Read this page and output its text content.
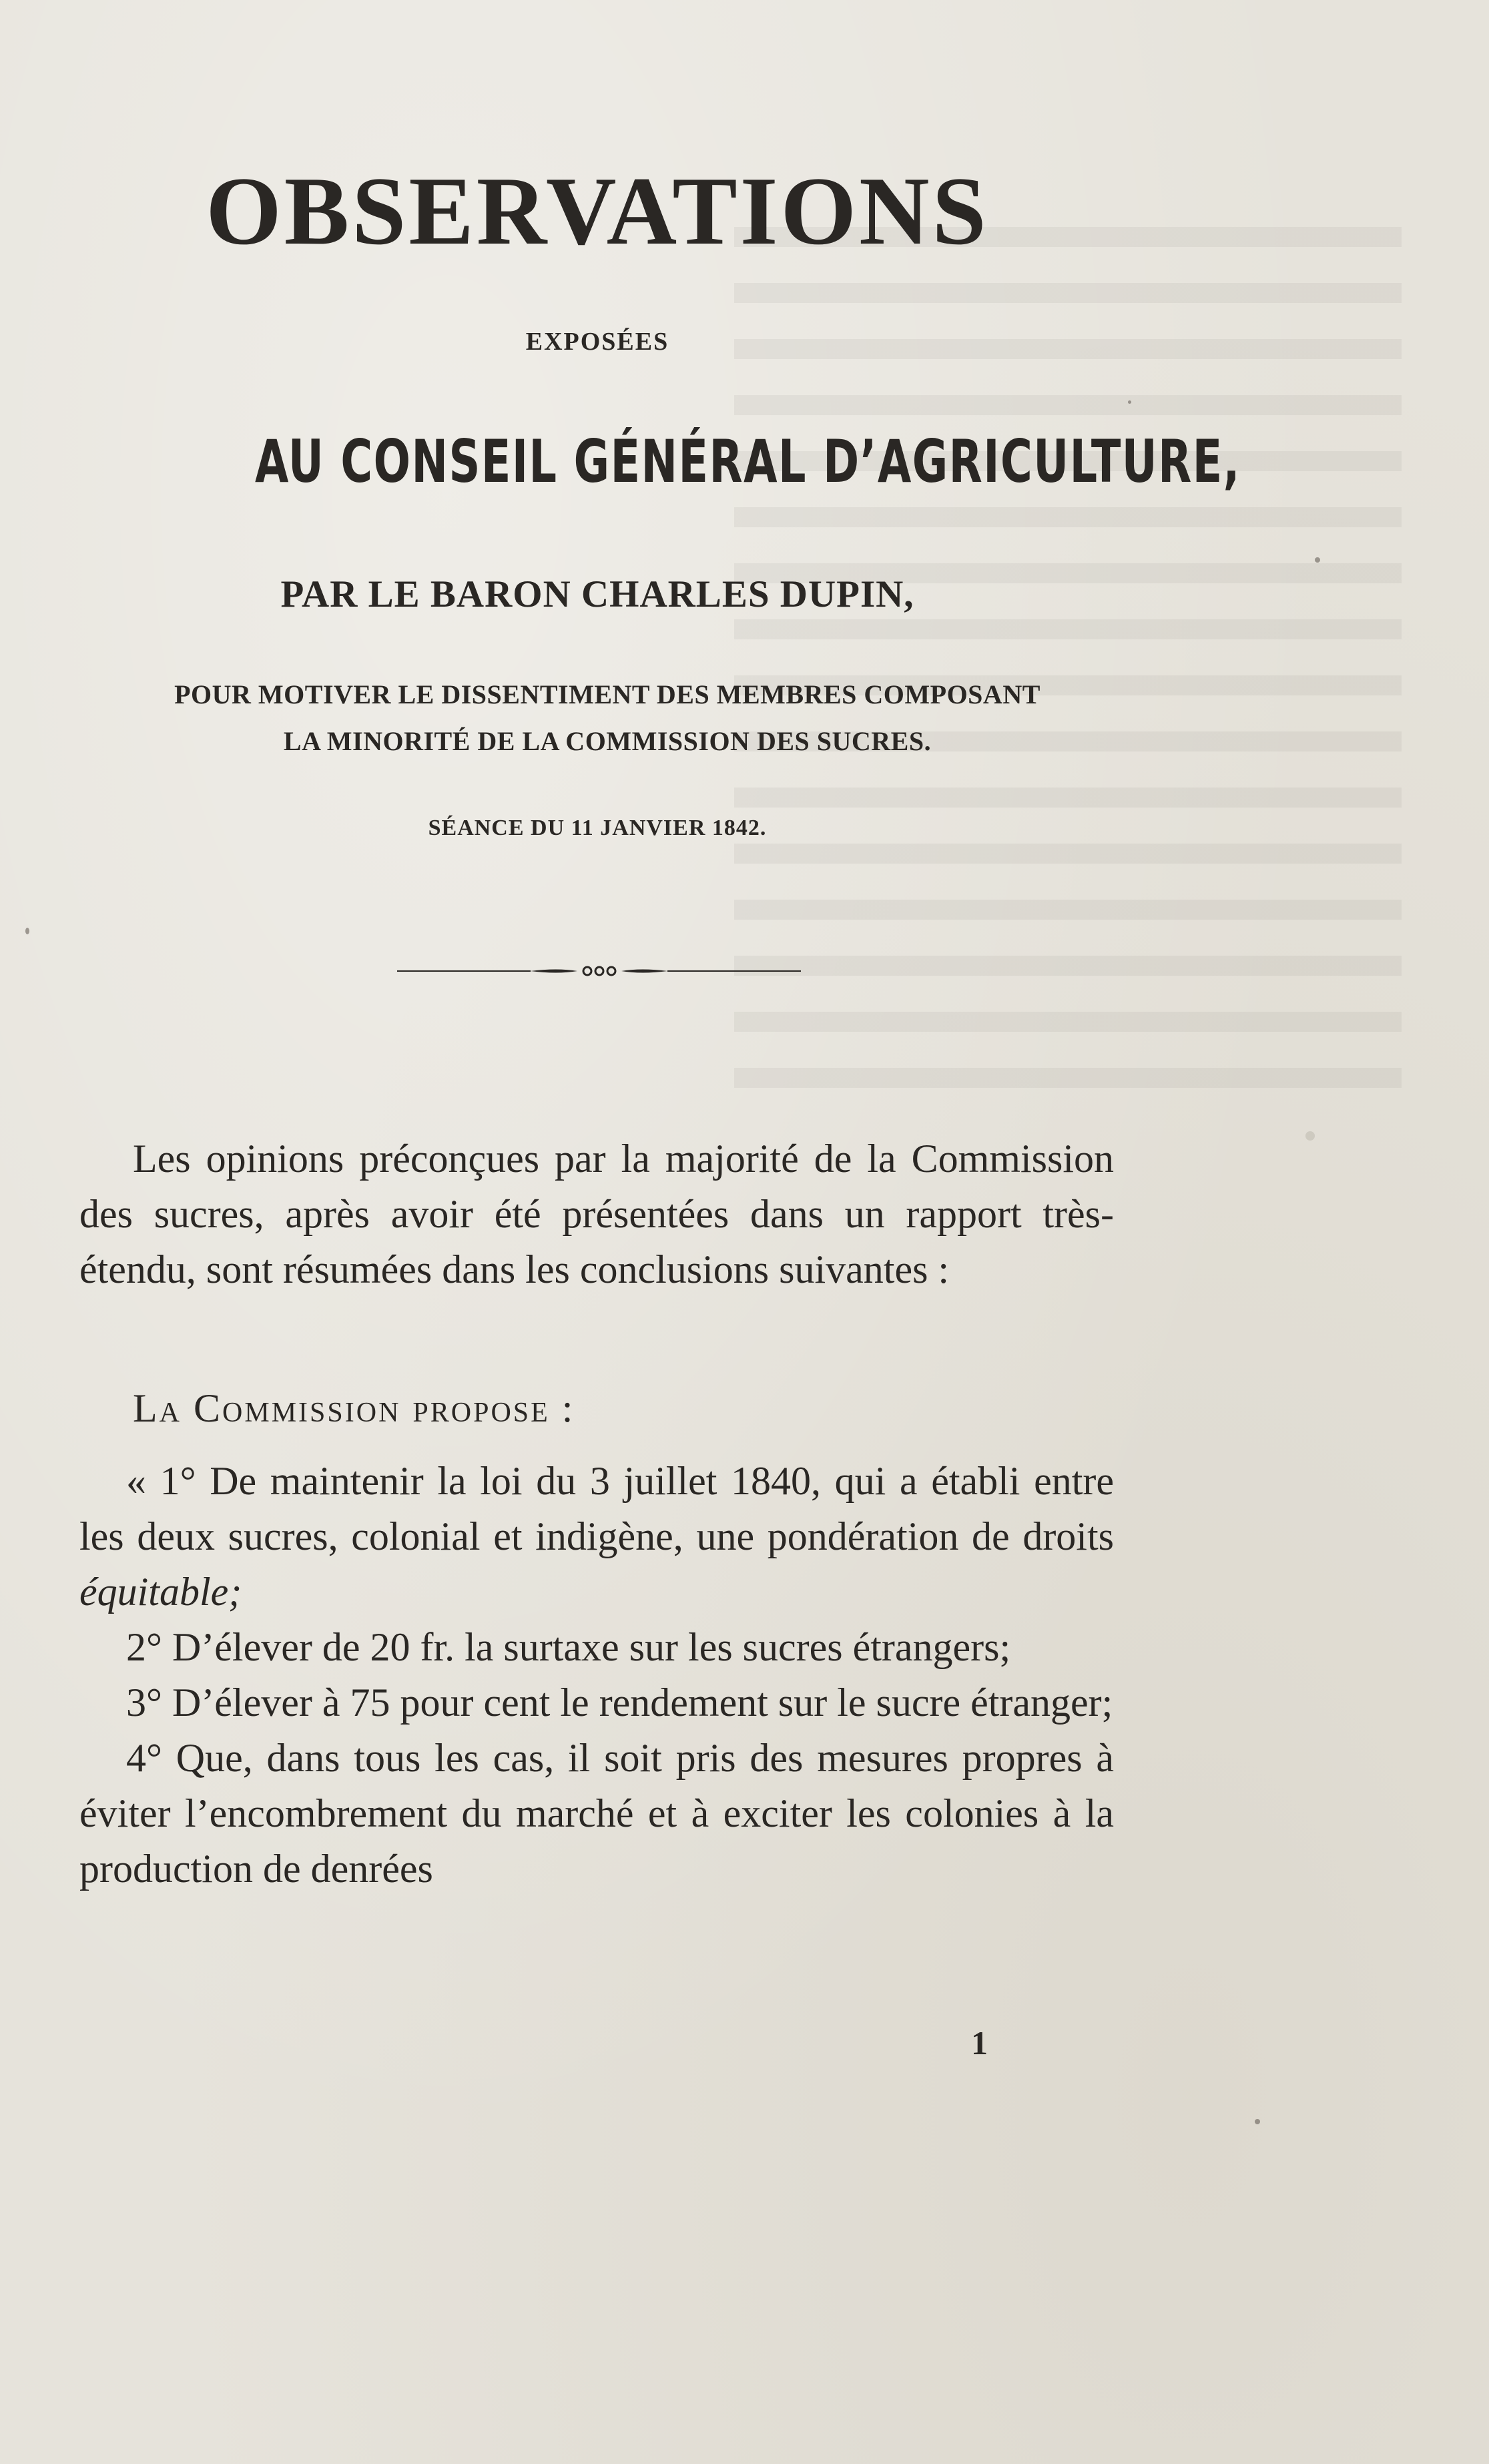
OBSERVATIONS
EXPOSÉES
AU CONSEIL GÉNÉRAL D’AGRICULTURE,
PAR LE BARON CHARLES DUPIN,
POUR MOTIVER LE DISSENTIMENT DES MEMBRES COMPOSANT
LA MINORITÉ DE LA COMMISSION DES SUCRES.
SÉANCE DU 11 JANVIER 1842.

Les opinions préconçues par la majorité de la Commission des sucres, après avoir été présentées dans un rapport très-étendu, sont résumées dans les conclusions suivantes :

La Commission propose :

« 1° De maintenir la loi du 3 juillet 1840, qui a établi entre les deux sucres, colonial et indigène, une pondération de droits équitable;

2° D’élever de 20 fr. la surtaxe sur les sucres étrangers;

3° D’élever à 75 pour cent le rendement sur le sucre étranger;

4° Que, dans tous les cas, il soit pris des mesures propres à éviter l’encombrement du marché et à exciter les colonies à la production de denrées

1
